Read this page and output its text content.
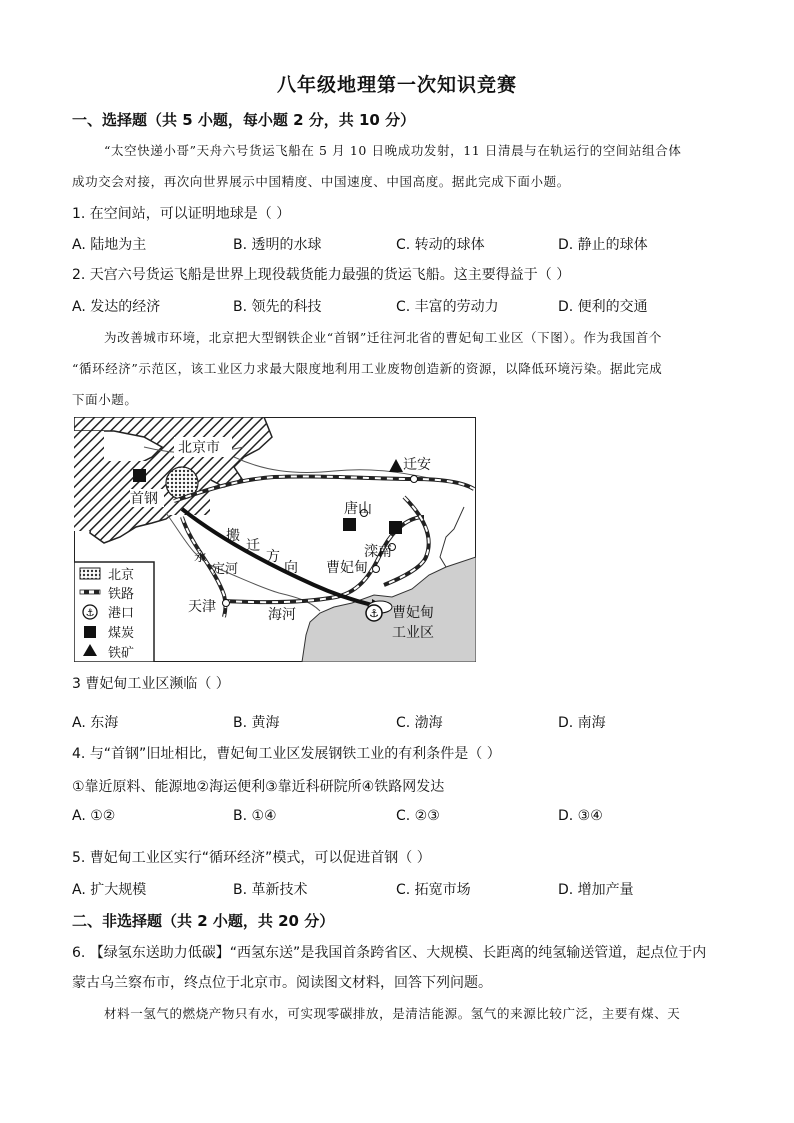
八年级地理第一次知识竞赛
一、选择题（共 5 小题，每小题 2 分，共 10 分）
“太空快递小哥”天舟六号货运飞船在 5 月 10 日晚成功发射，11 日清晨与在轨运行的空间站组合体
成功交会对接，再次向世界展示中国精度、中国速度、中国高度。据此完成下面小题。
1. 在空间站，可以证明地球是（ ）
A. 陆地为主	B. 透明的水球	C. 转动的球体	D. 静止的球体
2. 天宫六号货运飞船是世界上现役载货能力最强的货运飞船。这主要得益于（ ）
A. 发达的经济	B. 领先的科技	C. 丰富的劳动力	D. 便利的交通
为改善城市环境，北京把大型钢铁企业“首钢”迁往河北省的曹妃甸工业区（下图）。作为我国首个
“循环经济”示范区，该工业区力求最大限度地利用工业废物创造新的资源，以降低环境污染。据此完成
下面小题。
⚓
北京市
首钢
迁安
唐山
滦南
曹妃甸
天津	海河
永
定河
搬
迁
方
向
曹妃甸
工业区
北京
铁路
⚓ 港口
煤炭
铁矿
3 曹妃甸工业区濒临（ ）
A. 东海	B. 黄海	C. 渤海	D. 南海
4. 与“首钢”旧址相比，曹妃甸工业区发展钢铁工业的有利条件是（ ）
①靠近原料、能源地②海运便利③靠近科研院所④铁路网发达
A. ①②	B. ①④	C. ②③	D. ③④
5. 曹妃甸工业区实行“循环经济”模式，可以促进首钢（ ）
A. 扩大规模	B. 革新技术	C. 拓宽市场	D. 增加产量
二、非选择题（共 2 小题，共 20 分）
6. 【绿氢东送助力低碳】“西氢东送”是我国首条跨省区、大规模、长距离的纯氢输送管道，起点位于内
蒙古乌兰察布市，终点位于北京市。阅读图文材料，回答下列问题。
材料一氢气的燃烧产物只有水，可实现零碳排放，是清洁能源。氢气的来源比较广泛，主要有煤、天
